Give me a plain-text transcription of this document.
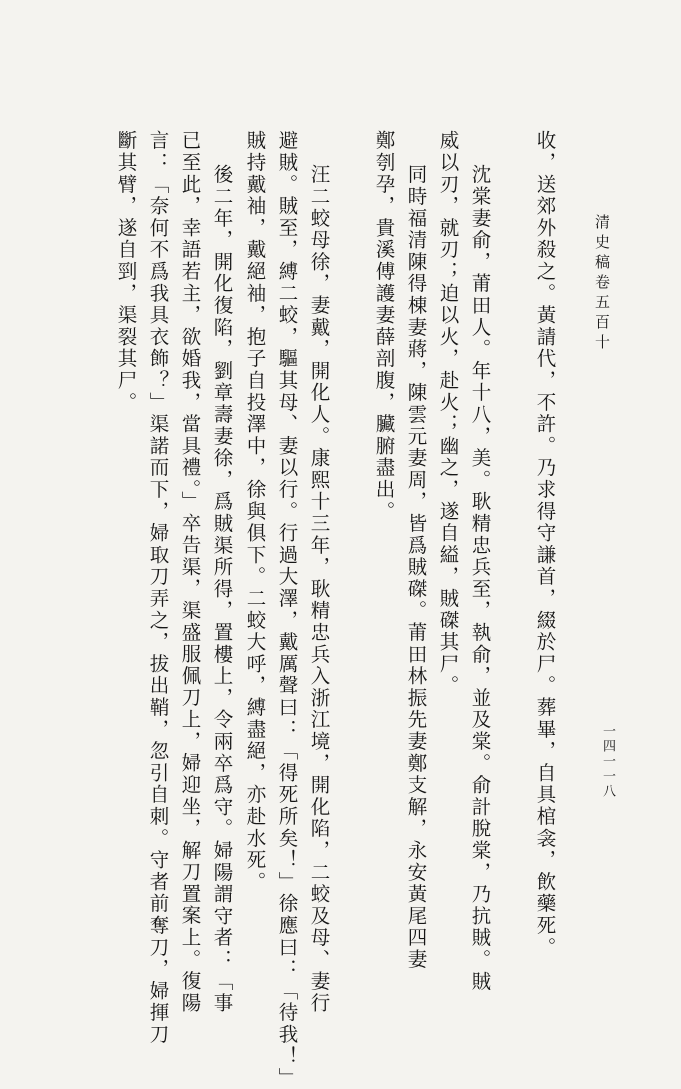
清史稿卷五百十
一四一一八
收，送郊外殺之。黃請代，不許。乃求得守謙首，綴於尸。葬畢，自具棺衾，飲藥死。
沈棠妻俞，莆田人。年十八，美。耿精忠兵至，執俞，並及棠。俞計脫棠，乃抗賊。賊
威以刃，就刃；迫以火，赴火；幽之，遂自縊，賊磔其尸。
同時福清陳得棟妻蔣，陳雲元妻周，皆爲賊磔。莆田林振先妻鄭支解，永安黃尾四妻
鄭刳孕，貴溪傅護妻薛剖腹，臟腑盡出。
汪二蛟母徐，妻戴，開化人。康熙十三年，耿精忠兵入浙江境，開化陷，二蛟及母、妻行
避賊。賊至，縛二蛟，驅其母、妻以行。行過大澤，戴厲聲曰：「得死所矣！」徐應曰：「待我！」
賊持戴袖，戴絕袖，抱子自投澤中，徐與俱下。二蛟大呼，縛盡絕，亦赴水死。
後二年，開化復陷，劉章壽妻徐，爲賊渠所得，置樓上，令兩卒爲守。婦陽謂守者：「事
已至此，幸語若主，欲婚我，當具禮。」卒告渠，渠盛服佩刀上，婦迎坐，解刀置案上。復陽
言：「奈何不爲我具衣飾？」渠諾而下，婦取刀弄之，拔出鞘，忽引自刺。守者前奪刀，婦揮刀
斷其臂，遂自剄，渠裂其尸。
